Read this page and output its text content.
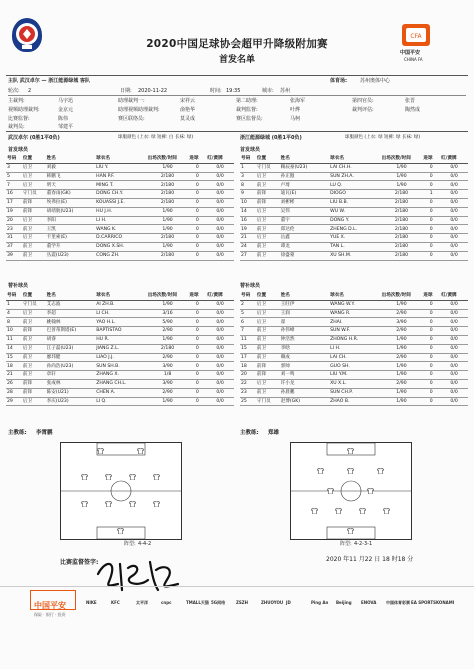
CFA
中国平安
CHINA FA
2020中国足球协会超甲升降级附加赛
首发名单
主队 武汉卓尔 — 浙江能源绿城 客队	体育场:	苏州奥体中心
轮次: 2	日期: 2020-11-22	时间: 19:35	城市: 苏州
主裁判:	马宇迅	助理裁判一:	宋祥云	第二助理:	张海军	第四官员:	张晋
视频助理裁判:	金京元	助理视频助理裁判:	俞艳华	裁判监督:	叶烨	裁判评估:	陶然成
比赛监督:	陈伟	赛区联络员:	莫灵成	赛区监督员:	马柯
裁判员:	邹建平
武汉卓尔 (0胜1平0负)	球服颜色 (上衣: 绿 短裤: 白 长袜: 绿)	浙江能源绿城 (0胜1平0负)	球服颜色 (上衣: 绿 短裤: 绿 长袜: 绿)
首发球员	首发球员
号码	位置	姓名	球衣名	出场次数/时间	进球	红/黄牌
3	后卫	刘毅	LIU Y.	1/90	0	0/0
5	后卫	韩鹏飞	HAN P.F.	2/180	0	0/0
7	后卫	明天	MING T.	2/180	0	0/0
16	守门员	董春雨(GK)	DONG CH.Y.	2/180	0	0/0
17	前锋	埃弗拉(E)	KOUASSI J.E.	2/180	0	0/0
19	前锋	胡靖航(U23)	HU J.H.	1/90	0	0/0
20	后卫	李阳	LI H.	1/90	0	0/0
23	前卫	王凯	WANG K.	1/90	0	0/0
31	后卫	卡里索(E)	D.CARRICO	2/180	0	0/0
37	前卫	董学升	DONG X.SH.	1/90	0	0/0
39	前卫	丛震(U23)	CONG ZH.	2/180	0	0/0
号码	位置	姓名	球衣名	出场次数/时间	进球	红/黄牌
1	守门员	赖辰豪(U23)	LAI CH.H.	1/90	0	0/0
3	后卫	孙正傲	SUN ZH.A.	1/90	0	0/0
8	前卫	卢琦	LU Q.	1/90	0	0/0
9	前锋	迪瓦(E)	DIOGO	2/180	1	0/0
10	前锋	刘彬彬	LIU B.B.	2/180	0	0/0
14	后卫	吴伟	WU W.	2/180	0	0/0
16	后卫	董宇	DONG Y.	2/180	0	0/0
19	前卫	郑达伦	ZHENG D.L.	2/180	0	0/0
21	后卫	岳鑫	YUE X.	2/180	0	0/0
24	前卫	谭龙	TAN L.	2/180	0	0/0
27	前卫	徐盛蒙	XU SH.M.	2/180	0	0/0
替补球员	替补球员
号码	位置	姓名	球衣名	出场次数/时间	进球	红/黄牌
1	守门员	艾志波	AI ZH.B.	1/90	0	0/0
4	后卫	李超	LI CH.	3/16	0	0/0
8	前卫	姚翰林	YAO H.L.	5/90	0	0/0
10	前锋	巴普蒂斯塔(E)	BAPTISTAO	2/90	0	0/0
11	前卫	胡睿	HU R.	1/90	0	0/0
14	后卫	江子磊(U23)	JIANG Z.L.	2/180	0	0/0
15	前卫	廖玮健	LIAO J.J.	2/90	0	0/0
18	前卫	孙尚浩(U23)	SUN SH.B.	3/90	0	0/0
21	前卫	章轩	ZHANG X.	1/8	0	0/0
26	前锋	张成林	ZHANG CH.L.	3/90	0	0/0
28	前锋	陈安(U21)	CHEN A.	2/90	0	0/0
29	后卫	李庆(U23)	LI Q.	1/90	0	0/0
号码	位置	姓名	球衣名	出场次数/时间	进球	红/黄牌
2	后卫	王旺伊	WANG W.Y.	1/90	0	0/0
5	后卫	王润	WANG R.	2/90	0	0/0
6	后卫	翟	ZHAI.	3/90	0	0/0
7	前卫	孙伟峰	SUN W.F.	2/90	0	0/0
11	前卫	钟浩然	ZHONG H.R.	1/90	0	0/0
15	前卫	李晗	LI H.	1/90	0	0/0
17	前卫	赖成	LAI CH.	2/90	0	0/0
18	前锋	郭帅	GUO SH.	1/90	0	0/0
20	前锋	刘一鸣	LIU Y.M.	1/90	0	0/0
22	后卫	许小龙	XU X.L.	2/90	0	0/0
23	前卫	孙晨鹏	SUN CH.P.	1/90	0	0/0
25	守门员	赵博(GK)	ZHAO B.	1/90	0	0/0
主教练: 李霄鹏	主教练: 郑雄
阵型: 4-4-2	阵型: 4-2-3-1
比赛监督签字:	2020 年11 月22 日 18 时18 分
中国平安
保险 · 银行 · 投资
NIKE	KFC	太平洋	cnpc	TMALL天猫 5G网络	ZSZH	ZHUOYOU JD	Ping An Beijing ENOVA 中国体育彩票 EA SPORTS KONAMI
